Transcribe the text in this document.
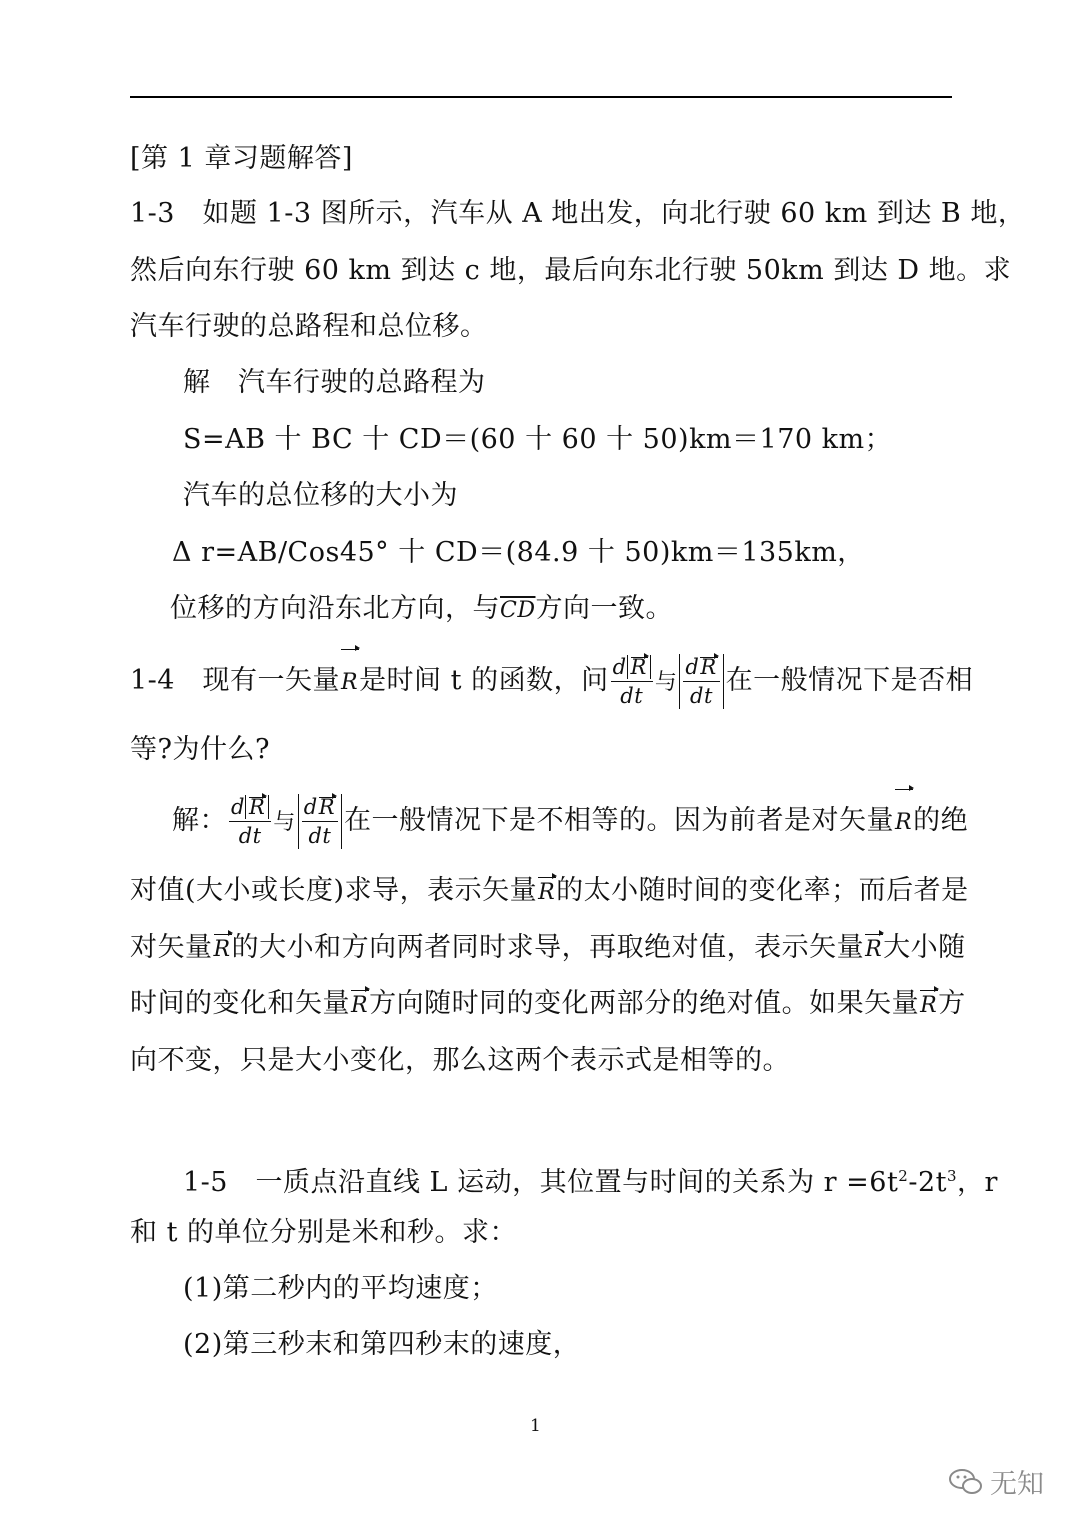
[第 1 章习题解答]
1-3　如题 1-3 图所示，汽车从 A 地出发，向北行驶 60 km 到达 B 地，
然后向东行驶 60 km 到达 c 地，最后向东北行驶 50km 到达 D 地。求
汽车行驶的总路程和总位移。
解　汽车行驶的总路程为
S=AB 十 BC 十 CD＝(60 十 60 十 50)km＝170 km；
汽车的总位移的大小为
Δ r=AB/Cos45° 十 CD＝(84.9 十 50)km＝135km，
位移的方向沿东北方向，与$\overline{CD}$方向一致。
1-4　现有一矢量R是时间 t 的函数，问 $\frac{\text{d R}}{dt}$ 与 $\frac{dR}{dt}$ 在一般情况下是否相
等?为什么?
解： $\frac{\text{d R}}{dt}$ 与 $\frac{dR}{dt}$ 在一般情况下是不相等的。因为前者是对矢量R的绝
对值(大小或长度)求导，表示矢量R的太小随时间的变化率；而后者是
对矢量R的大小和方向两者同时求导，再取绝对值，表示矢量R大小随
时间的变化和矢量R方向随时同的变化两部分的绝对值。如果矢量R方
向不变，只是大小变化，那么这两个表示式是相等的。
1-5　一质点沿直线 L 运动，其位置与时间的关系为 $r =6t^2-2t^3$，r
和 t 的单位分别是米和秒。求：
(1)第二秒内的平均速度；
(2)第三秒末和第四秒末的速度，
1
无知
